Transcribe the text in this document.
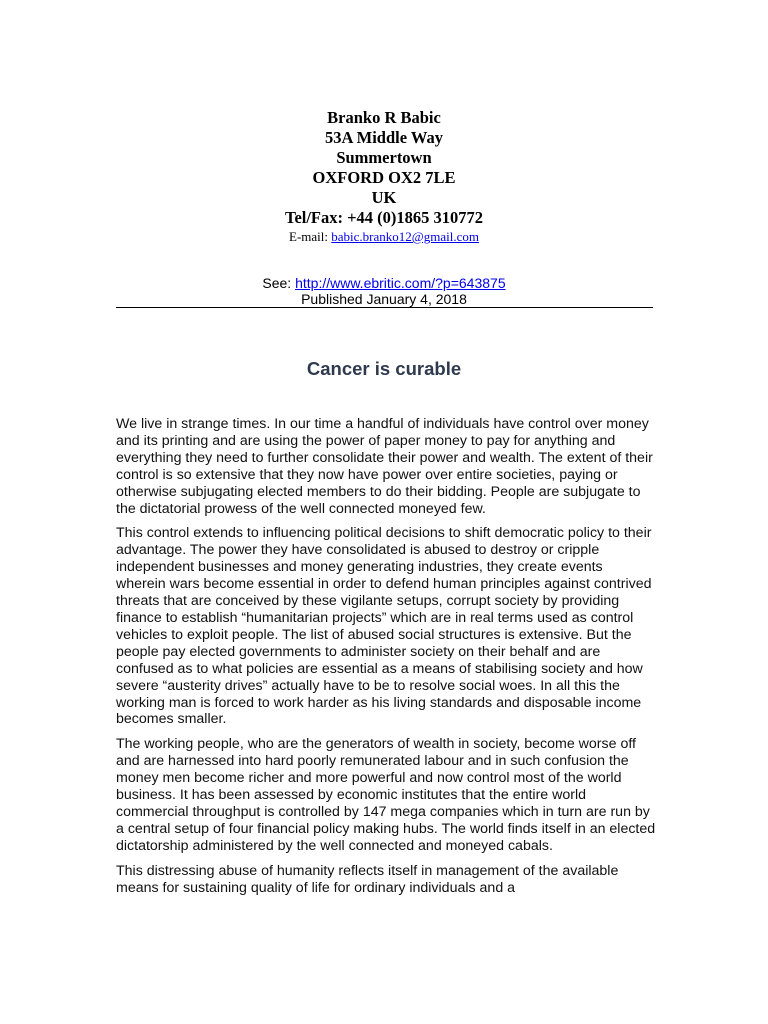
Branko R Babic
53A Middle Way
Summertown
OXFORD OX2 7LE
UK
Tel/Fax: +44 (0)1865 310772
E-mail: babic.branko12@gmail.com
See: http://www.ebritic.com/?p=643875
Published January 4, 2018
Cancer is curable

We live in strange times. In our time a handful of individuals have control over money and its printing and are using the power of paper money to pay for anything and everything they need to further consolidate their power and wealth. The extent of their control is so extensive that they now have power over entire societies, paying or otherwise subjugating elected members to do their bidding. People are subjugate to the dictatorial prowess of the well connected moneyed few.

This control extends to influencing political decisions to shift democratic policy to their advantage. The power they have consolidated is abused to destroy or cripple independent businesses and money generating industries, they create events wherein wars become essential in order to defend human principles against contrived threats that are conceived by these vigilante setups, corrupt society by providing finance to establish “humanitarian projects” which are in real terms used as control vehicles to exploit people. The list of abused social structures is extensive. But the people pay elected governments to administer society on their behalf and are confused as to what policies are essential as a means of stabilising society and how severe “austerity drives” actually have to be to resolve social woes. In all this the working man is forced to work harder as his living standards and disposable income becomes smaller.

The working people, who are the generators of wealth in society, become worse off and are harnessed into hard poorly remunerated labour and in such confusion the money men become richer and more powerful and now control most of the world business. It has been assessed by economic institutes that the entire world commercial throughput is controlled by 147 mega companies which in turn are run by a central setup of four financial policy making hubs. The world finds itself in an elected dictatorship administered by the well connected and moneyed cabals.

This distressing abuse of humanity reflects itself in management of the available means for sustaining quality of life for ordinary individuals and a
